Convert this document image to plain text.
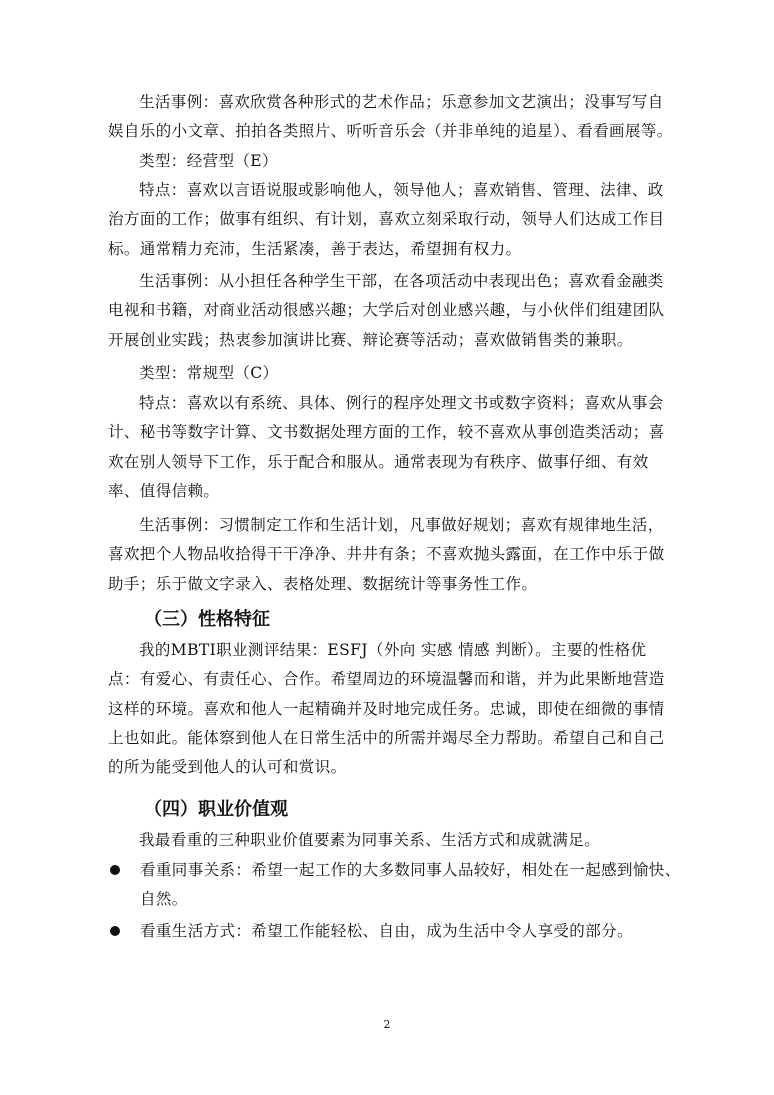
生活事例：喜欢欣赏各种形式的艺术作品；乐意参加文艺演出；没事写写自娱自乐的小文章、拍拍各类照片、听听音乐会（并非单纯的追星）、看看画展等。

类型：经营型（E）

特点：喜欢以言语说服或影响他人，领导他人；喜欢销售、管理、法律、政治方面的工作；做事有组织、有计划，喜欢立刻采取行动，领导人们达成工作目标。通常精力充沛，生活紧凑，善于表达，希望拥有权力。

生活事例：从小担任各种学生干部，在各项活动中表现出色；喜欢看金融类电视和书籍，对商业活动很感兴趣；大学后对创业感兴趣，与小伙伴们组建团队开展创业实践；热衷参加演讲比赛、辩论赛等活动；喜欢做销售类的兼职。

类型：常规型（C）

特点：喜欢以有系统、具体、例行的程序处理文书或数字资料；喜欢从事会计、秘书等数字计算、文书数据处理方面的工作，较不喜欢从事创造类活动；喜欢在别人领导下工作，乐于配合和服从。通常表现为有秩序、做事仔细、有效率、值得信赖。

生活事例：习惯制定工作和生活计划，凡事做好规划；喜欢有规律地生活，喜欢把个人物品收拾得干干净净、井井有条；不喜欢抛头露面，在工作中乐于做助手；乐于做文字录入、表格处理、数据统计等事务性工作。

（三）性格特征

我的MBTI职业测评结果：ESFJ（外向 实感 情感 判断）。主要的性格优点：有爱心、有责任心、合作。希望周边的环境温馨而和谐，并为此果断地营造这样的环境。喜欢和他人一起精确并及时地完成任务。忠诚，即使在细微的事情上也如此。能体察到他人在日常生活中的所需并竭尽全力帮助。希望自己和自己的所为能受到他人的认可和赏识。

（四）职业价值观

我最看重的三种职业价值要素为同事关系、生活方式和成就满足。

看重同事关系：希望一起工作的大多数同事人品较好，相处在一起感到愉快、自然。

看重生活方式：希望工作能轻松、自由，成为生活中令人享受的部分。

2
